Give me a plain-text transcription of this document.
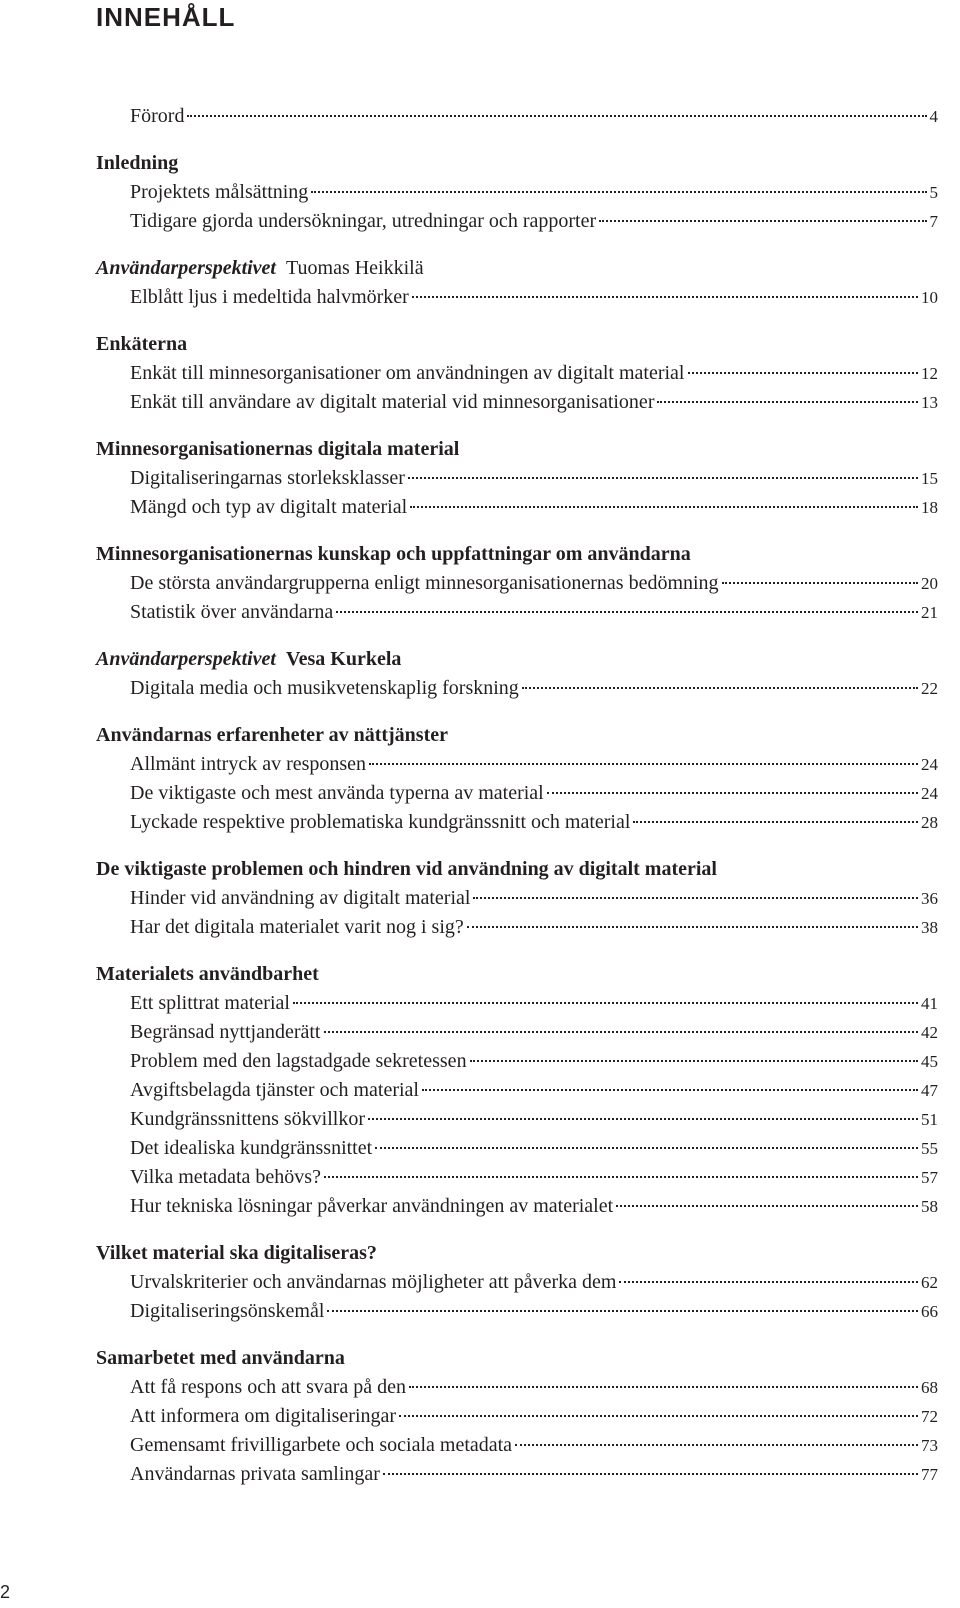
INNEHÅLL
Förord	4
Inledning
Projektets målsättning	5
Tidigare gjorda undersökningar, utredningar och rapporter	7
Användarperspektivet  Tuomas Heikkilä
Elblått ljus i medeltida halvmörker	10
Enkäterna
Enkät till minnesorganisationer om användningen av digitalt material	12
Enkät till användare av digitalt material vid minnesorganisationer	13
Minnesorganisationernas digitala material
Digitaliseringarnas storleksklasser	15
Mängd och typ av digitalt material	18
Minnesorganisationernas kunskap och uppfattningar om användarna
De största användargrupperna enligt minnesorganisationernas bedömning	20
Statistik över användarna	21
Användarperspektivet  Vesa Kurkela
Digitala media och musikvetenskaplig forskning	22
Användarnas erfarenheter av nättjänster
Allmänt intryck av responsen	24
De viktigaste och mest använda typerna av material	24
Lyckade respektive problematiska kundgränssnitt och material	28
De viktigaste problemen och hindren vid användning av digitalt material
Hinder vid användning av digitalt material	36
Har det digitala materialet varit nog i sig?	38
Materialets användbarhet
Ett splittrat material	41
Begränsad nyttjanderätt	42
Problem med den lagstadgade sekretessen	45
Avgiftsbelagda tjänster och material	47
Kundgränssnittens sökvillkor	51
Det idealiska kundgränssnittet	55
Vilka metadata behövs?	57
Hur tekniska lösningar påverkar användningen av materialet	58
Vilket material ska digitaliseras?
Urvalskriterier och användarnas möjligheter att påverka dem	62
Digitaliseringsönskemål	66
Samarbetet med användarna
Att få respons och att svara på den	68
Att informera om digitaliseringar	72
Gemensamt frivilligarbete och sociala metadata	73
Användarnas privata samlingar	77
2
